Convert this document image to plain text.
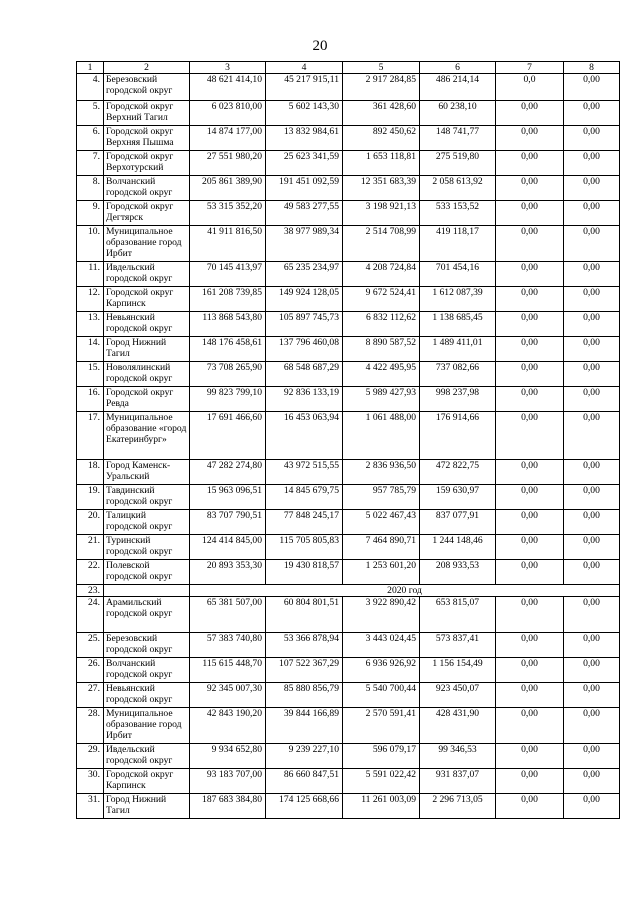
20
1	2	3	4	5	6	7	8
4.	Березовский городской округ	48 621 414,10	45 217 915,11	2 917 284,85	486 214,14	0,0	0,00
5.	Городской округ Верхний Тагил	6 023 810,00	5 602 143,30	361 428,60	60 238,10	0,00	0,00
6.	Городской округ Верхняя Пышма	14 874 177,00	13 832 984,61	892 450,62	148 741,77	0,00	0,00
7.	Городской округ Верхотурский	27 551 980,20	25 623 341,59	1 653 118,81	275 519,80	0,00	0,00
8.	Волчанский городской округ	205 861 389,90	191 451 092,59	12 351 683,39	2 058 613,92	0,00	0,00
9.	Городской округ Дегтярск	53 315 352,20	49 583 277,55	3 198 921,13	533 153,52	0,00	0,00
10.	Муниципальное образование город Ирбит	41 911 816,50	38 977 989,34	2 514 708,99	419 118,17	0,00	0,00
11.	Ивдельский городской округ	70 145 413,97	65 235 234,97	4 208 724,84	701 454,16	0,00	0,00
12.	Городской округ Карпинск	161 208 739,85	149 924 128,05	9 672 524,41	1 612 087,39	0,00	0,00
13.	Невьянский городской округ	113 868 543,80	105 897 745,73	6 832 112,62	1 138 685,45	0,00	0,00
14.	Город Нижний Тагил	148 176 458,61	137 796 460,08	8 890 587,52	1 489 411,01	0,00	0,00
15.	Новолялинский городской округ	73 708 265,90	68 548 687,29	4 422 495,95	737 082,66	0,00	0,00
16.	Городской округ Ревда	99 823 799,10	92 836 133,19	5 989 427,93	998 237,98	0,00	0,00
17.	Муниципальное образование «город Екатеринбург»	17 691 466,60	16 453 063,94	1 061 488,00	176 914,66	0,00	0,00
18.	Город Каменск-Уральский	47 282 274,80	43 972 515,55	2 836 936,50	472 822,75	0,00	0,00
19.	Тавдинский городской округ	15 963 096,51	14 845 679,75	957 785,79	159 630,97	0,00	0,00
20.	Талицкий городской округ	83 707 790,51	77 848 245,17	5 022 467,43	837 077,91	0,00	0,00
21.	Туринский городской округ	124 414 845,00	115 705 805,83	7 464 890,71	1 244 148,46	0,00	0,00
22.	Полевской городской округ	20 893 353,30	19 430 818,57	1 253 601,20	208 933,53	0,00	0,00
23.		2020 год					
24.	Арамильский городской округ	65 381 507,00	60 804 801,51	3 922 890,42	653 815,07	0,00	0,00
25.	Березовский городской округ	57 383 740,80	53 366 878,94	3 443 024,45	573 837,41	0,00	0,00
26.	Волчанский городской округ	115 615 448,70	107 522 367,29	6 936 926,92	1 156 154,49	0,00	0,00
27.	Невьянский городской округ	92 345 007,30	85 880 856,79	5 540 700,44	923 450,07	0,00	0,00
28.	Муниципальное образование город Ирбит	42 843 190,20	39 844 166,89	2 570 591,41	428 431,90	0,00	0,00
29.	Ивдельский городской округ	9 934 652,80	9 239 227,10	596 079,17	99 346,53	0,00	0,00
30.	Городской округ Карпинск	93 183 707,00	86 660 847,51	5 591 022,42	931 837,07	0,00	0,00
31.	Город Нижний Тагил	187 683 384,80	174 125 668,66	11 261 003,09	2 296 713,05	0,00	0,00
